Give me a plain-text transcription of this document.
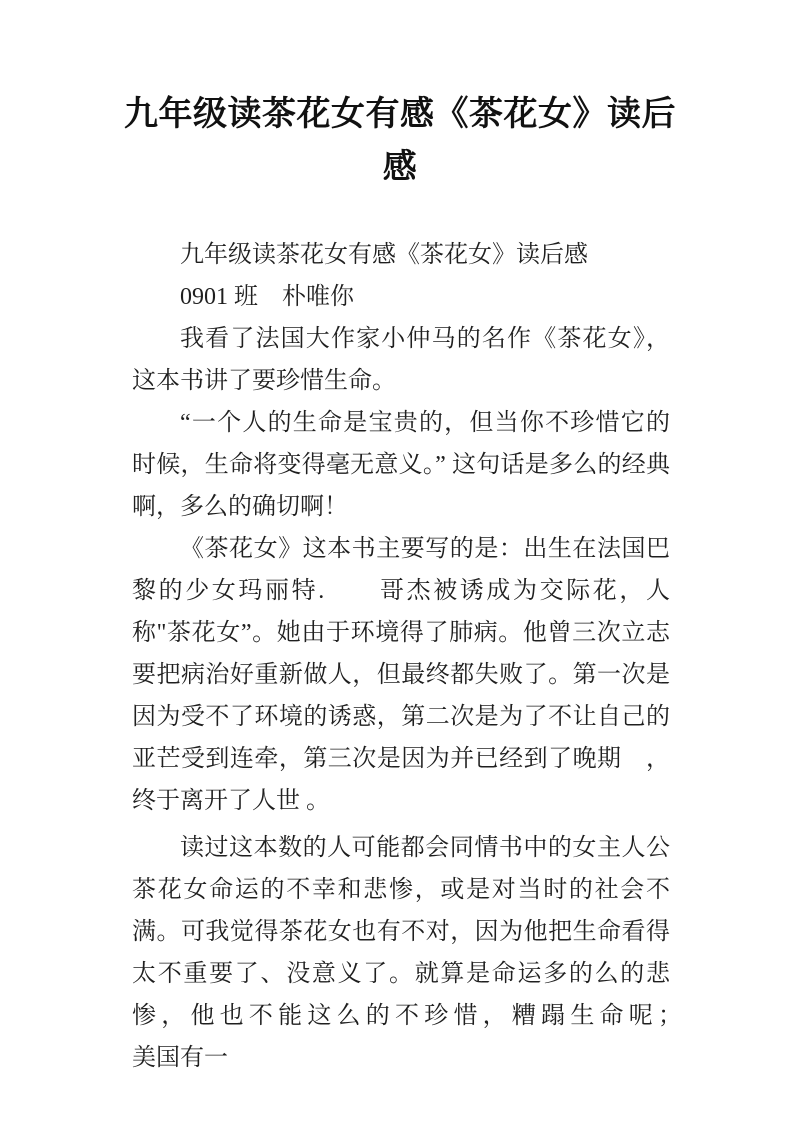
九年级读茶花女有感《茶花女》读后感

九年级读茶花女有感《茶花女》读后感

0901 班　朴唯你

我看了法国大作家小仲马的名作《茶花女》，这本书讲了要珍惜生命。

“一个人的生命是宝贵的，但当你不珍惜它的时候，生命将变得毫无意义。” 这句话是多么的经典啊，多么的确切啊！

《茶花女》这本书主要写的是：出生在法国巴黎的少女玛丽特.　　哥杰被诱成为交际花，人称"茶花女”。她由于环境得了肺病。他曾三次立志要把病治好重新做人，但最终都失败了。第一次是因为受不了环境的诱惑，第二次是为了不让自己的亚芒受到连牵，第三次是因为并已经到了晚期　，终于离开了人世 。

读过这本数的人可能都会同情书中的女主人公茶花女命运的不幸和悲惨，或是对当时的社会不满。可我觉得茶花女也有不对，因为他把生命看得太不重要了、没意义了。就算是命运多的么的悲惨，他也不能这么的不珍惜，糟蹋生命呢；　　　美国有一
